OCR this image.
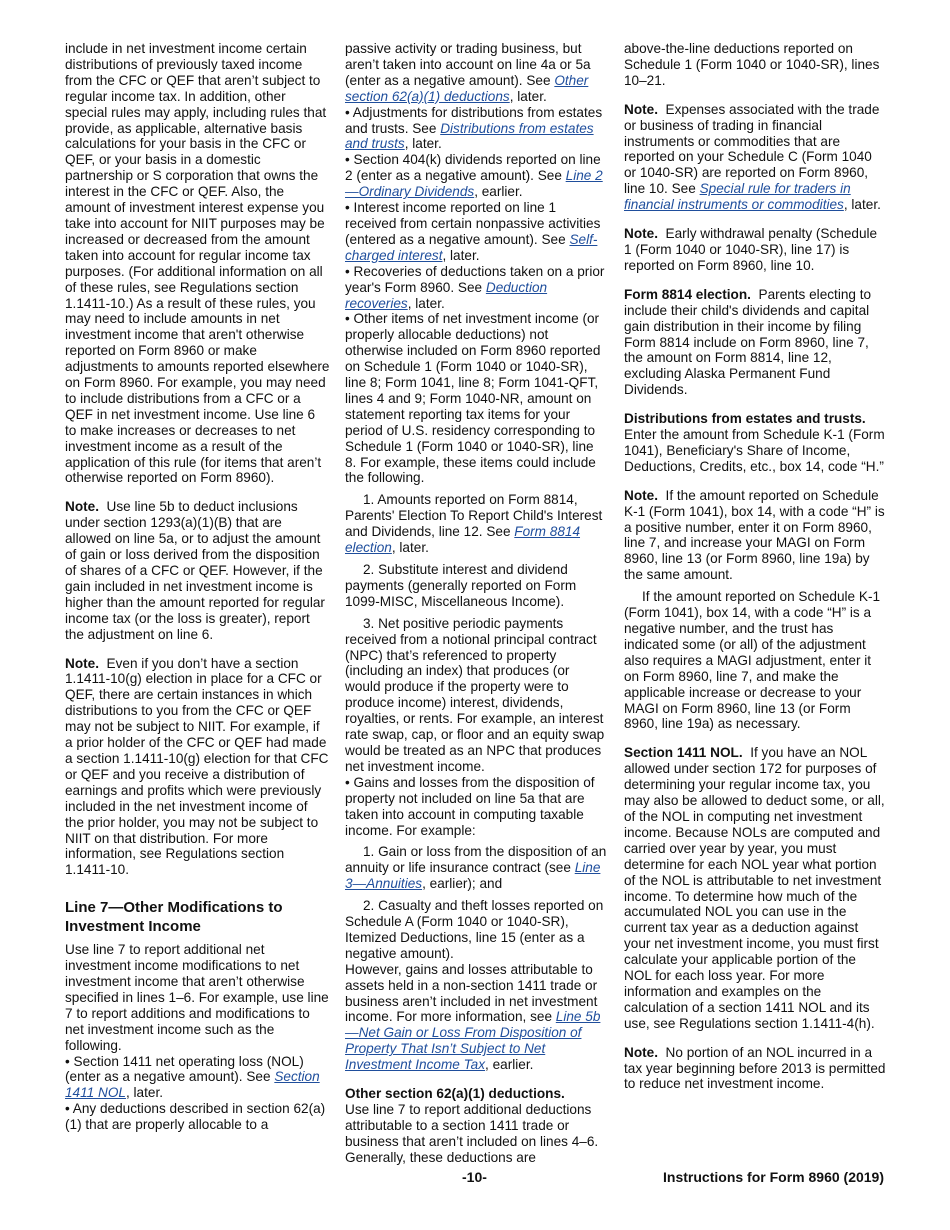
include in net investment income certain distributions of previously taxed income from the CFC or QEF that aren’t subject to regular income tax. In addition, other special rules may apply, including rules that provide, as applicable, alternative basis calculations for your basis in the CFC or QEF, or your basis in a domestic partnership or S corporation that owns the interest in the CFC or QEF. Also, the amount of investment interest expense you take into account for NIIT purposes may be increased or decreased from the amount taken into account for regular income tax purposes. (For additional information on all of these rules, see Regulations section 1.1411-10.) As a result of these rules, you may need to include amounts in net investment income that aren't otherwise reported on Form 8960 or make adjustments to amounts reported elsewhere on Form 8960. For example, you may need to include distributions from a CFC or a QEF in net investment income. Use line 6 to make increases or decreases to net investment income as a result of the application of this rule (for items that aren’t otherwise reported on Form 8960).

Note. Use line 5b to deduct inclusions under section 1293(a)(1)(B) that are allowed on line 5a, or to adjust the amount of gain or loss derived from the disposition of shares of a CFC or QEF. However, if the gain included in net investment income is higher than the amount reported for regular income tax (or the loss is greater), report the adjustment on line 6.

Note. Even if you don’t have a section 1.1411-10(g) election in place for a CFC or QEF, there are certain instances in which distributions to you from the CFC or QEF may not be subject to NIIT. For example, if a prior holder of the CFC or QEF had made a section 1.1411-10(g) election for that CFC or QEF and you receive a distribution of earnings and profits which were previously included in the net investment income of the prior holder, you may not be subject to NIIT on that distribution. For more information, see Regulations section 1.1411-10.

Line 7—Other Modifications to Investment Income

Use line 7 to report additional net investment income modifications to net investment income that aren’t otherwise specified in lines 1–6. For example, use line 7 to report additions and modifications to net investment income such as the following.

• Section 1411 net operating loss (NOL) (enter as a negative amount). See Section 1411 NOL, later.

• Any deductions described in section 62(a)(1) that are properly allocable to a

passive activity or trading business, but aren’t taken into account on line 4a or 5a (enter as a negative amount). See Other section 62(a)(1) deductions, later.

• Adjustments for distributions from estates and trusts. See Distributions from estates and trusts, later.

• Section 404(k) dividends reported on line 2 (enter as a negative amount). See Line 2—Ordinary Dividends, earlier.

• Interest income reported on line 1 received from certain nonpassive activities (entered as a negative amount). See Self-charged interest, later.

• Recoveries of deductions taken on a prior year's Form 8960. See Deduction recoveries, later.

• Other items of net investment income (or properly allocable deductions) not otherwise included on Form 8960 reported on Schedule 1 (Form 1040 or 1040-SR), line 8; Form 1041, line 8; Form 1041-QFT, lines 4 and 9; Form 1040-NR, amount on statement reporting tax items for your period of U.S. residency corresponding to Schedule 1 (Form 1040 or 1040-SR), line 8. For example, these items could include the following.

1. Amounts reported on Form 8814, Parents' Election To Report Child's Interest and Dividends, line 12. See Form 8814 election, later.

2. Substitute interest and dividend payments (generally reported on Form 1099-MISC, Miscellaneous Income).

3. Net positive periodic payments received from a notional principal contract (NPC) that’s referenced to property (including an index) that produces (or would produce if the property were to produce income) interest, dividends, royalties, or rents. For example, an interest rate swap, cap, or floor and an equity swap would be treated as an NPC that produces net investment income.

• Gains and losses from the disposition of property not included on line 5a that are taken into account in computing taxable income. For example:

1. Gain or loss from the disposition of an annuity or life insurance contract (see Line 3—Annuities, earlier); and

2. Casualty and theft losses reported on Schedule A (Form 1040 or 1040-SR), Itemized Deductions, line 15 (enter as a negative amount).

However, gains and losses attributable to assets held in a non-section 1411 trade or business aren’t included in net investment income. For more information, see Line 5b—Net Gain or Loss From Disposition of Property That Isn’t Subject to Net Investment Income Tax, earlier.

Other section 62(a)(1) deductions.
Use line 7 to report additional deductions attributable to a section 1411 trade or business that aren’t included on lines 4–6. Generally, these deductions are

above-the-line deductions reported on Schedule 1 (Form 1040 or 1040-SR), lines 10–21.

Note. Expenses associated with the trade or business of trading in financial instruments or commodities that are reported on your Schedule C (Form 1040 or 1040-SR) are reported on Form 8960, line 10. See Special rule for traders in financial instruments or commodities, later.

Note. Early withdrawal penalty (Schedule 1 (Form 1040 or 1040-SR), line 17) is reported on Form 8960, line 10.

Form 8814 election. Parents electing to include their child's dividends and capital gain distribution in their income by filing Form 8814 include on Form 8960, line 7, the amount on Form 8814, line 12, excluding Alaska Permanent Fund Dividends.

Distributions from estates and trusts.
Enter the amount from Schedule K-1 (Form 1041), Beneficiary's Share of Income, Deductions, Credits, etc., box 14, code “H.”

Note. If the amount reported on Schedule K-1 (Form 1041), box 14, with a code “H” is a positive number, enter it on Form 8960, line 7, and increase your MAGI on Form 8960, line 13 (or Form 8960, line 19a) by the same amount.

If the amount reported on Schedule K-1 (Form 1041), box 14, with a code “H” is a negative number, and the trust has indicated some (or all) of the adjustment also requires a MAGI adjustment, enter it on Form 8960, line 7, and make the applicable increase or decrease to your MAGI on Form 8960, line 13 (or Form 8960, line 19a) as necessary.

Section 1411 NOL. If you have an NOL allowed under section 172 for purposes of determining your regular income tax, you may also be allowed to deduct some, or all, of the NOL in computing net investment income. Because NOLs are computed and carried over year by year, you must determine for each NOL year what portion of the NOL is attributable to net investment income. To determine how much of the accumulated NOL you can use in the current tax year as a deduction against your net investment income, you must first calculate your applicable portion of the NOL for each loss year. For more information and examples on the calculation of a section 1411 NOL and its use, see Regulations section 1.1411-4(h).

Note. No portion of an NOL incurred in a tax year beginning before 2013 is permitted to reduce net investment income.

-10-	Instructions for Form 8960 (2019)
